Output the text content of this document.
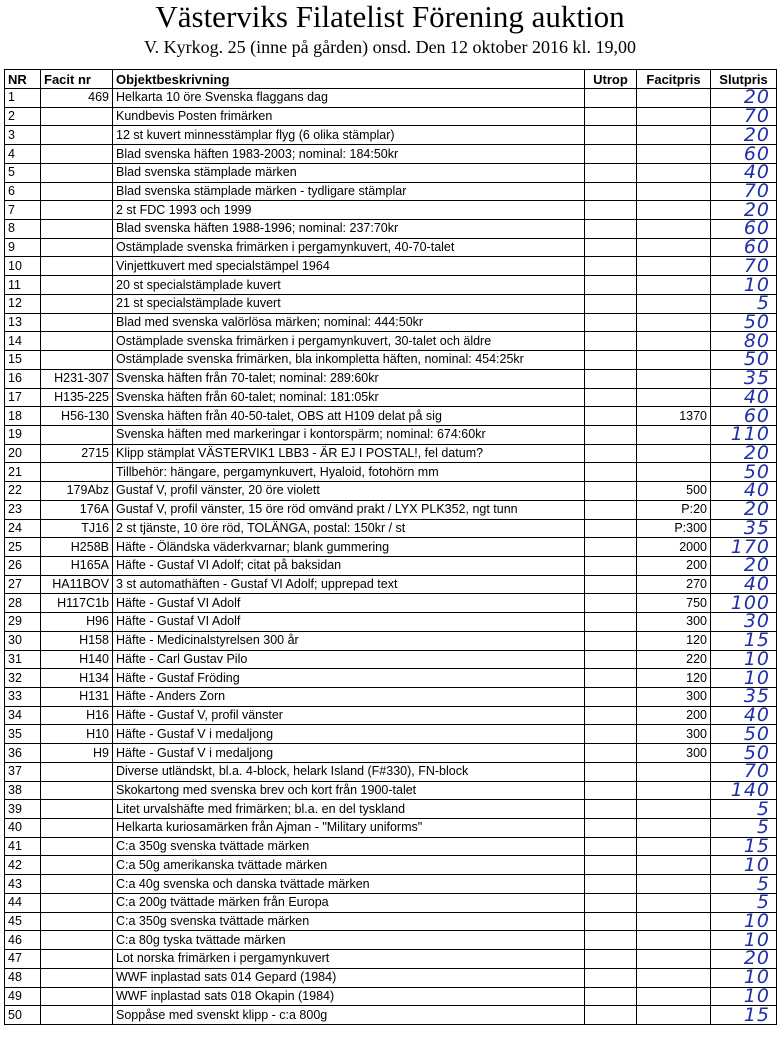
Västerviks Filatelist Förening auktion
V. Kyrkog. 25 (inne på gården) onsd. Den 12 oktober 2016 kl. 19,00
NR	Facit nr	Objektbeskrivning	Utrop	Facitpris	Slutpris
1	469	Helkarta 10 öre Svenska flaggans dag			20
2		Kundbevis Posten frimärken			70
3		12 st kuvert minnesstämplar flyg (6 olika stämplar)			20
4		Blad svenska häften 1983-2003; nominal: 184:50kr			60
5		Blad svenska stämplade märken			40
6		Blad svenska stämplade märken - tydligare stämplar			70
7		2 st FDC 1993 och 1999			20
8		Blad svenska häften 1988-1996; nominal: 237:70kr			60
9		Ostämplade svenska frimärken i pergamynkuvert, 40-70-talet			60
10		Vinjettkuvert med specialstämpel 1964			70
11		20 st specialstämplade kuvert			10
12		21 st specialstämplade kuvert			5
13		Blad med svenska valörlösa märken; nominal: 444:50kr			50
14		Ostämplade svenska frimärken i pergamynkuvert, 30-talet och äldre			80
15		Ostämplade svenska frimärken, bla inkompletta häften, nominal: 454:25kr			50
16	H231-307	Svenska häften från 70-talet; nominal: 289:60kr			35
17	H135-225	Svenska häften från 60-talet; nominal: 181:05kr			40
18	H56-130	Svenska häften från 40-50-talet, OBS att H109 delat på sig		1370	60
19		Svenska häften med markeringar i kontorspärm; nominal: 674:60kr			110
20	2715	Klipp stämplat VÄSTERVIK1 LBB3 - ÄR EJ I POSTAL!, fel datum?			20
21		Tillbehör: hängare, pergamynkuvert, Hyaloid, fotohörn mm			50
22	179Abz	Gustaf V, profil vänster, 20 öre violett		500	40
23	176A	Gustaf V, profil vänster, 15 öre röd omvänd prakt / LYX PLK352, ngt tunn		P:20	20
24	TJ16	2 st tjänste, 10 öre röd, TOLÄNGA, postal: 150kr / st		P:300	35
25	H258B	Häfte - Öländska väderkvarnar; blank gummering		2000	170
26	H165A	Häfte - Gustaf VI Adolf; citat på baksidan		200	20
27	HA11BOV	3 st automathäften - Gustaf VI Adolf; upprepad text		270	40
28	H117C1b	Häfte - Gustaf VI Adolf		750	100
29	H96	Häfte - Gustaf VI Adolf		300	30
30	H158	Häfte - Medicinalstyrelsen 300 år		120	15
31	H140	Häfte - Carl Gustav Pilo		220	10
32	H134	Häfte - Gustaf Fröding		120	10
33	H131	Häfte - Anders Zorn		300	35
34	H16	Häfte - Gustaf V, profil vänster		200	40
35	H10	Häfte - Gustaf V i medaljong		300	50
36	H9	Häfte - Gustaf V i medaljong		300	50
37		Diverse utländskt, bl.a. 4-block, helark Island (F#330), FN-block			70
38		Skokartong med svenska brev och kort från 1900-talet			140
39		Litet urvalshäfte med frimärken; bl.a. en del tyskland			5
40		Helkarta kuriosamärken från Ajman - "Military uniforms"			5
41		C:a 350g svenska tvättade märken			15
42		C:a 50g amerikanska tvättade märken			10
43		C:a 40g svenska och danska tvättade märken			5
44		C:a 200g tvättade märken från Europa			5
45		C:a 350g svenska tvättade märken			10
46		C:a 80g tyska tvättade märken			10
47		Lot norska frimärken i pergamynkuvert			20
48		WWF inplastad sats 014 Gepard (1984)			10
49		WWF inplastad sats 018 Okapin (1984)			10
50		Soppåse med svenskt klipp - c:a 800g			15
